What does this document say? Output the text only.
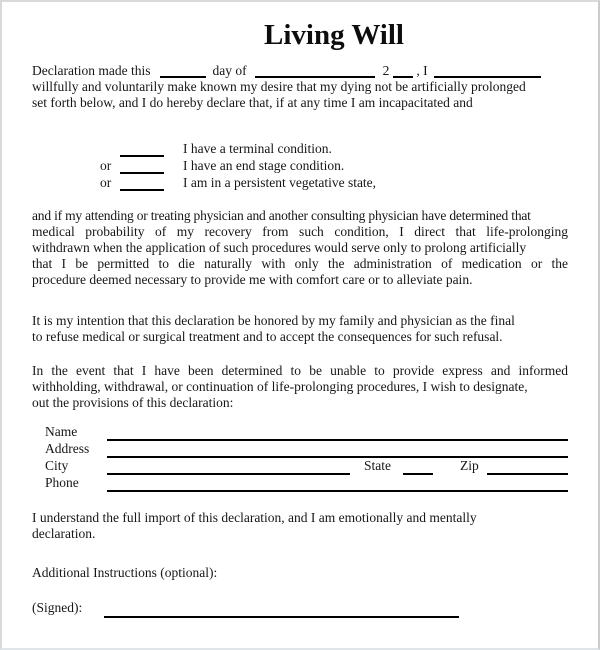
Living Will
Declaration made this	day of	2 , I
willfully and voluntarily make known my desire that my dying not be artificially prolonged
set forth below, and I do hereby declare that, if at any time I am incapacitated and
I have a terminal condition.
or	I have an end stage condition.
or	I am in a persistent vegetative state,
and if my attending or treating physician and another consulting physician have determined that
medical probability of my recovery from such condition, I direct that life-prolonging
withdrawn when the application of such procedures would serve only to prolong artificially
that I be permitted to die naturally with only the administration of medication or the
procedure deemed necessary to provide me with comfort care or to alleviate pain.
It is my intention that this declaration be honored by my family and physician as the final
to refuse medical or surgical treatment and to accept the consequences for such refusal.
In the event that I have been determined to be unable to provide express and informed
withholding, withdrawal, or continuation of life-prolonging procedures, I wish to designate,
out the provisions of this declaration:
Name
Address
City	State	Zip
Phone
I understand the full import of this declaration, and I am emotionally and mentally
declaration.
Additional Instructions (optional):
(Signed):
